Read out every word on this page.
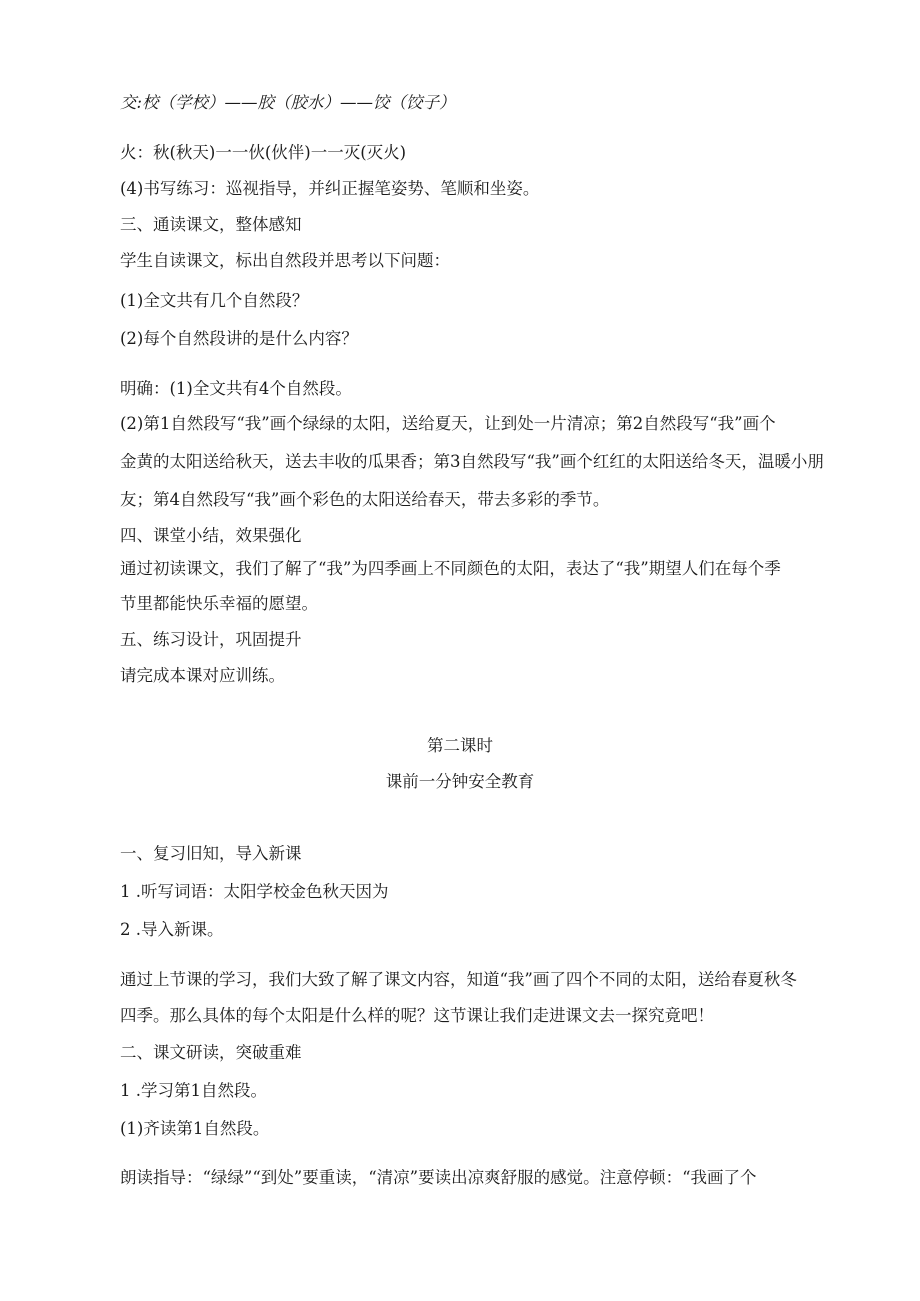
交:校（学校）——胶（胶水）——饺（饺子）
火：秋(秋天)一一伙(伙伴)一一灭(灭火)
(4)书写练习：巡视指导，并纠正握笔姿势、笔顺和坐姿。
三、通读课文，整体感知
学生自读课文，标出自然段并思考以下问题：
(1)全文共有几个自然段？
(2)每个自然段讲的是什么内容？
明确：(1)全文共有4个自然段。
(2)第1自然段写“我”画个绿绿的太阳，送给夏天，让到处一片清凉；第2自然段写“我”画个
金黄的太阳送给秋天，送去丰收的瓜果香；第3自然段写“我”画个红红的太阳送给冬天，温暖小朋
友；第4自然段写“我”画个彩色的太阳送给春天，带去多彩的季节。
四、课堂小结，效果强化
通过初读课文，我们了解了“我”为四季画上不同颜色的太阳，表达了“我”期望人们在每个季
节里都能快乐幸福的愿望。
五、练习设计，巩固提升
请完成本课对应训练。
第二课时
课前一分钟安全教育
一、复习旧知，导入新课
1 .听写词语：太阳学校金色秋天因为
2 .导入新课。
通过上节课的学习，我们大致了解了课文内容，知道“我”画了四个不同的太阳，送给春夏秋冬
四季。那么具体的每个太阳是什么样的呢？这节课让我们走进课文去一探究竟吧！
二、课文研读，突破重难
1 .学习第1自然段。
(1)齐读第1自然段。
朗读指导：“绿绿”“到处”要重读，“清凉”要读出凉爽舒服的感觉。注意停顿：“我画了个
